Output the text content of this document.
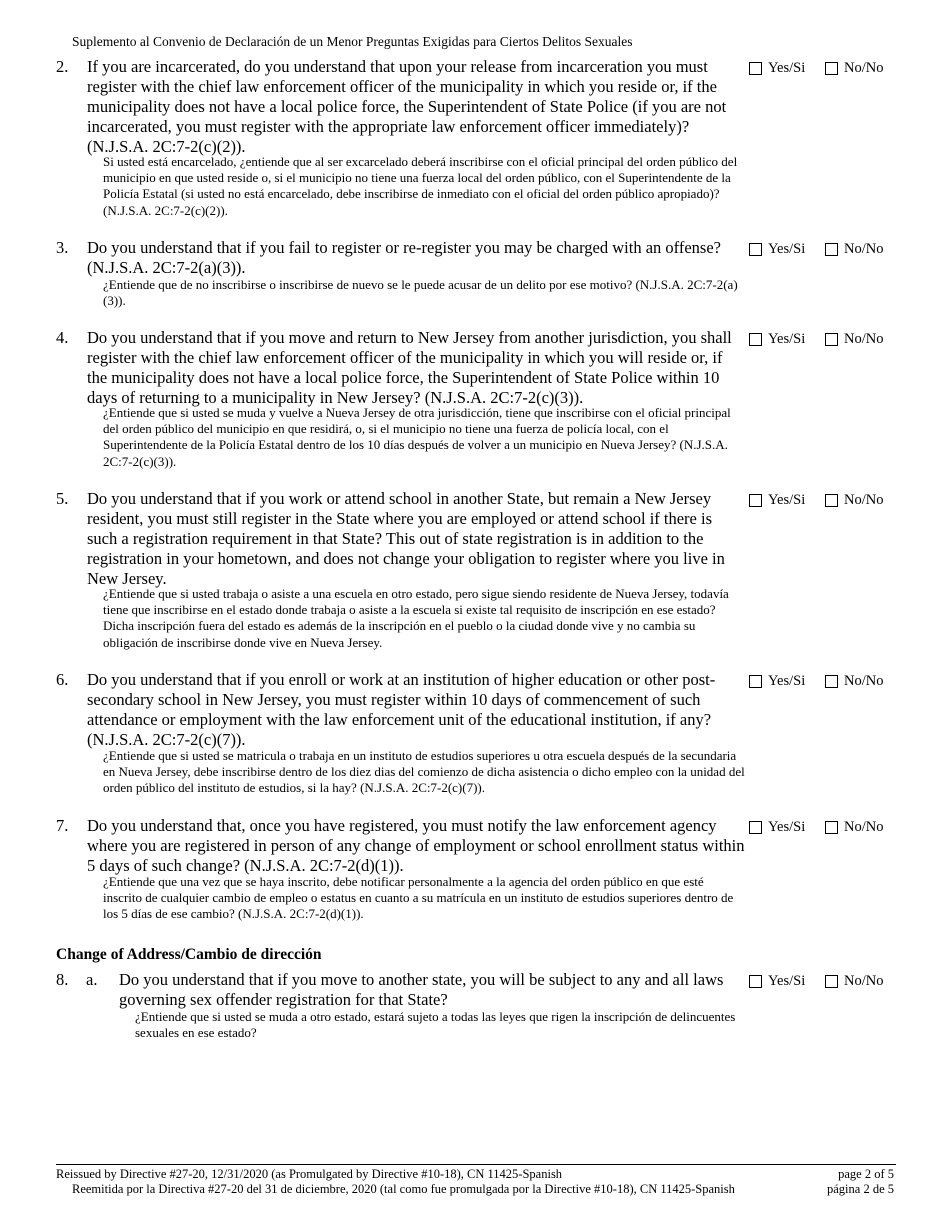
Suplemento al Convenio de Declaración de un Menor Preguntas Exigidas para Ciertos Delitos Sexuales
2. If you are incarcerated, do you understand that upon your release from incarceration you must register with the chief law enforcement officer of the municipality in which you reside or, if the municipality does not have a local police force, the Superintendent of State Police (if you are not incarcerated, you must register with the appropriate law enforcement officer immediately)? (N.J.S.A. 2C:7-2(c)(2)).
Si usted está encarcelado, ¿entiende que al ser excarcelado deberá inscribirse con el oficial principal del orden público del municipio en que usted reside o, si el municipio no tiene una fuerza local del orden público, con el Superintendente de la Policía Estatal (si usted no está encarcelado, debe inscribirse de inmediato con el oficial del orden público apropiado)? (N.J.S.A. 2C:7-2(c)(2)).
Yes/Si	No/No
3. Do you understand that if you fail to register or re-register you may be charged with an offense? (N.J.S.A. 2C:7-2(a)(3)).
¿Entiende que de no inscribirse o inscribirse de nuevo se le puede acusar de un delito por ese motivo? (N.J.S.A. 2C:7-2(a)(3)).
Yes/Si	No/No
4. Do you understand that if you move and return to New Jersey from another jurisdiction, you shall register with the chief law enforcement officer of the municipality in which you will reside or, if the municipality does not have a local police force, the Superintendent of State Police within 10 days of returning to a municipality in New Jersey? (N.J.S.A. 2C:7-2(c)(3)).
¿Entiende que si usted se muda y vuelve a Nueva Jersey de otra jurisdicción, tiene que inscribirse con el oficial principal del orden público del municipio en que residirá, o, si el municipio no tiene una fuerza de policía local, con el Superintendente de la Policía Estatal dentro de los 10 días después de volver a un municipio en Nueva Jersey? (N.J.S.A. 2C:7-2(c)(3)).
Yes/Si	No/No
5. Do you understand that if you work or attend school in another State, but remain a New Jersey resident, you must still register in the State where you are employed or attend school if there is such a registration requirement in that State? This out of state registration is in addition to the registration in your hometown, and does not change your obligation to register where you live in New Jersey.
¿Entiende que si usted trabaja o asiste a una escuela en otro estado, pero sigue siendo residente de Nueva Jersey, todavía tiene que inscribirse en el estado donde trabaja o asiste a la escuela si existe tal requisito de inscripción en ese estado? Dicha inscripción fuera del estado es además de la inscripción en el pueblo o la ciudad donde vive y no cambia su obligación de inscribirse donde vive en Nueva Jersey.
Yes/Si	No/No
6. Do you understand that if you enroll or work at an institution of higher education or other post-secondary school in New Jersey, you must register within 10 days of commencement of such attendance or employment with the law enforcement unit of the educational institution, if any? (N.J.S.A. 2C:7-2(c)(7)).
¿Entiende que si usted se matricula o trabaja en un instituto de estudios superiores u otra escuela después de la secundaria en Nueva Jersey, debe inscribirse dentro de los diez dias del comienzo de dicha asistencia o dicho empleo con la unidad del orden público del instituto de estudios, si la hay? (N.J.S.A. 2C:7-2(c)(7)).
Yes/Si	No/No
7. Do you understand that, once you have registered, you must notify the law enforcement agency where you are registered in person of any change of employment or school enrollment status within 5 days of such change? (N.J.S.A. 2C:7-2(d)(1)).
¿Entiende que una vez que se haya inscrito, debe notificar personalmente a la agencia del orden público en que esté inscrito de cualquier cambio de empleo o estatus en cuanto a su matrícula en un instituto de estudios superiores dentro de los 5 días de ese cambio? (N.J.S.A. 2C:7-2(d)(1)).
Yes/Si	No/No
Change of Address/Cambio de dirección
8. a. Do you understand that if you move to another state, you will be subject to any and all laws governing sex offender registration for that State?
¿Entiende que si usted se muda a otro estado, estará sujeto a todas las leyes que rigen la inscripción de delincuentes sexuales en ese estado?
Yes/Si	No/No
Reissued by Directive #27-20, 12/31/2020 (as Promulgated by Directive #10-18), CN 11425-Spanish
Reemitida por la Directiva #27-20 del 31 de diciembre, 2020 (tal como fue promulgada por la Directive #10-18), CN 11425-Spanish
page 2 of 5
página 2 de 5
